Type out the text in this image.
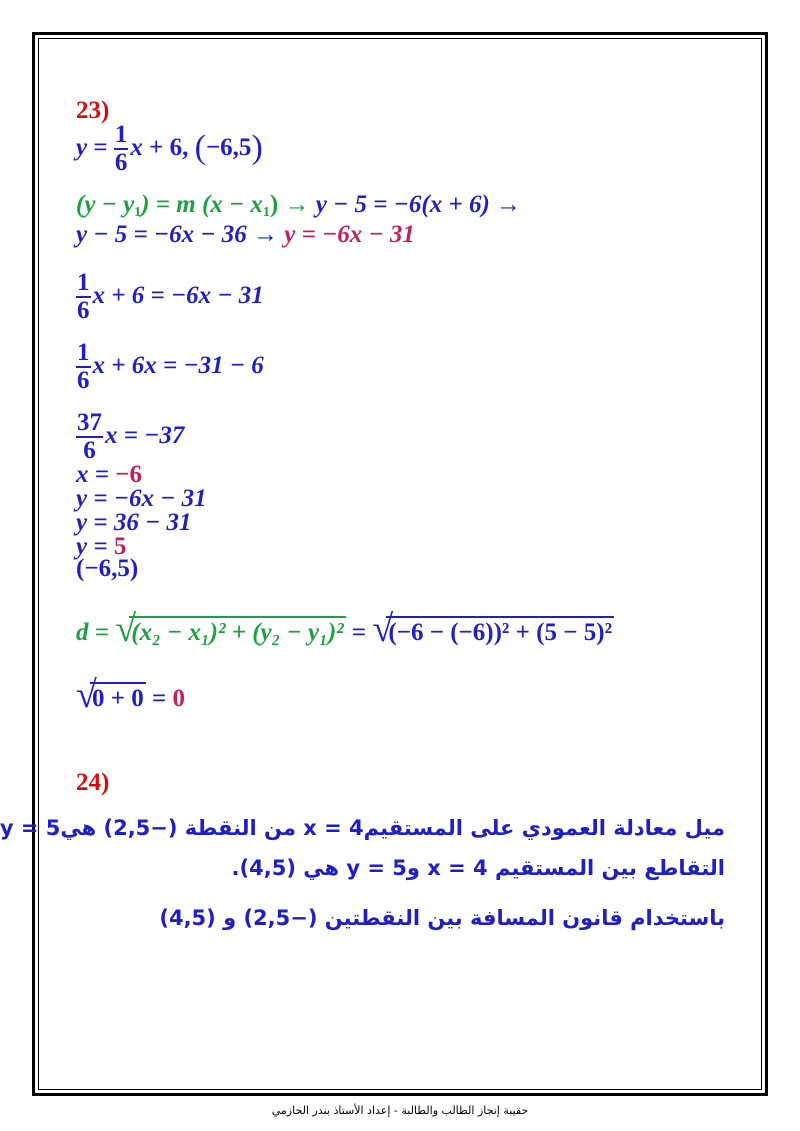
23)
$y = \frac{1}{6}$ x + 6, (−6,5)
$(y - y_1) = m$ $(x - x_1) \to y - 5 = -6(x + 6)$ →
y − 5 = −6x − 36 → y = −6x − 31
$\frac{1}{6}$ x + 6 = −6x − 31
$\frac{1}{6}$ x + 6x = −31 − 6
$\frac{37}{6}$ x = −37
x = −6
y = −6x − 31
y = 36 − 31
y = 5
(−6,5)
d = √
(x₂ − x₁)² + (y₂ − y₁)² = √
(−6 − (−6))² + (5 − 5)²
√
0 + 0 = 0
24)
ميل معادلة العمودي على المستقيم4 = x من النقطة (−2,5) هي5 = y
التقاطع بين المستقيم 4 = x و5 = y هي (4,5).
باستخدام قانون المسافة بين النقطتين (−2,5) و (4,5)
حقيبة إنجاز الطالب والطالبة - إعداد الأستاذ بندر الحازمي
